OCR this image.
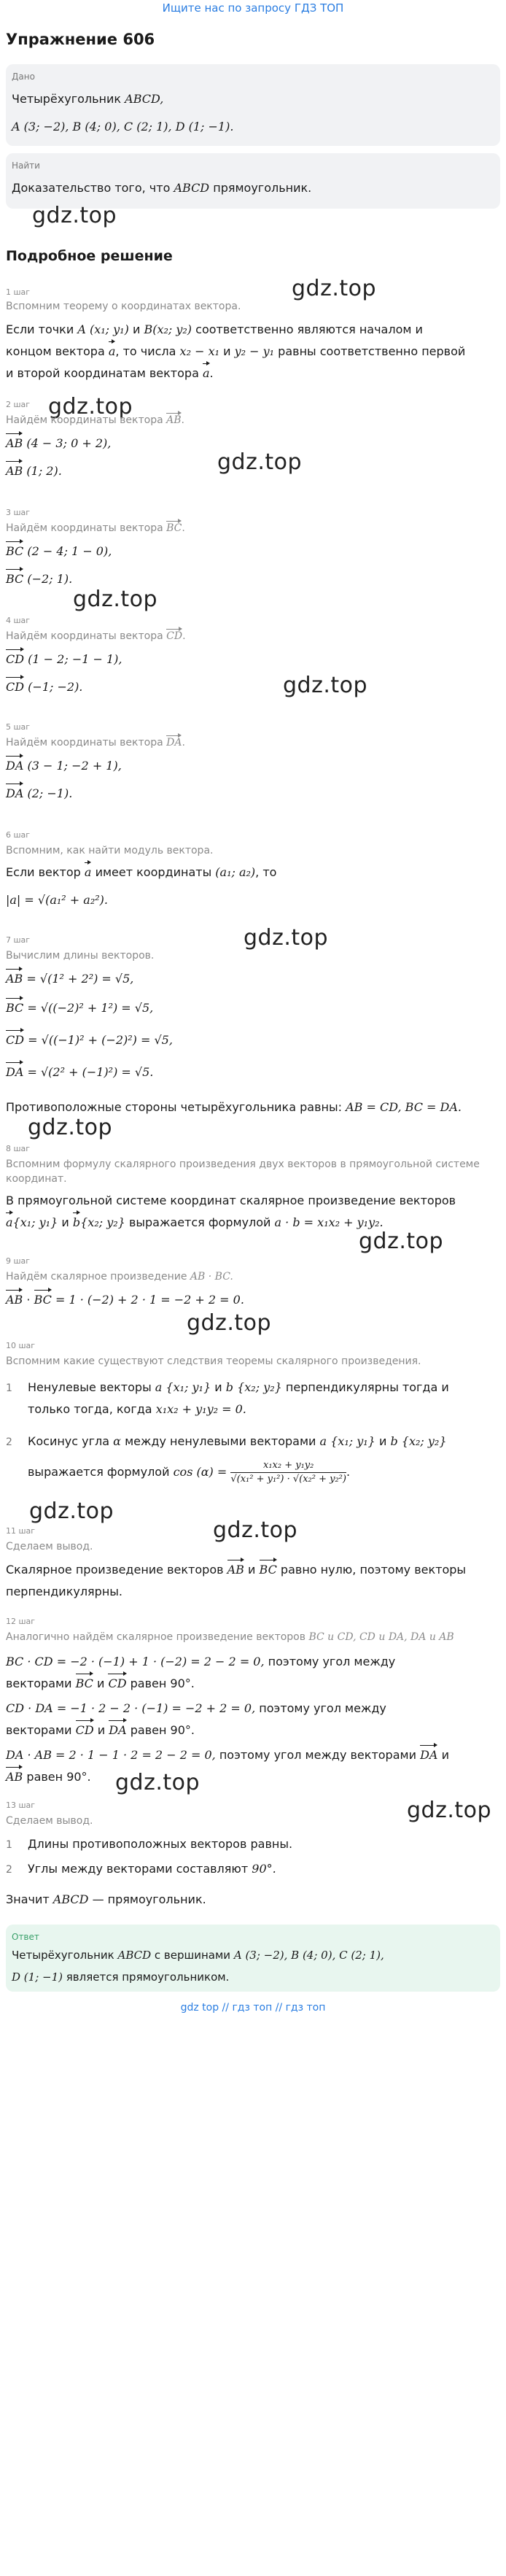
Ищите нас по запросу ГДЗ ТОП
Упражнение 606
Дано
Четырёхугольник ABCD,
A (3; −2), B (4; 0), C (2; 1), D (1; −1).
Найти
Доказательство того, что ABCD прямоугольник.
gdz.top
Подробное решение
1 шаг
Вспомним теорему о координатах вектора.
gdz.top
Если точки A (x₁; y₁) и B(x₂; y₂) соответственно являются началом и
концом вектора a, то числа x₂ − x₁ и y₂ − y₁ равны соответственно первой
и второй координатам вектора a.
2 шаг gdz.top
Найдём координаты вектора AB.
AB (4 − 3; 0 + 2),
AB (1; 2).	gdz.top
3 шаг
Найдём координаты вектора BC.
BC (2 − 4; 1 − 0),
BC (−2; 1).
gdz.top
4 шаг
Найдём координаты вектора CD.
CD (1 − 2; −1 − 1),
CD (−1; −2).	gdz.top
5 шаг
Найдём координаты вектора DA.
DA (3 − 1; −2 + 1),
DA (2; −1).
6 шаг
Вспомним, как найти модуль вектора.
Если вектор a имеет координаты (a₁; a₂), то
|a| = √(a₁² + a₂²).
7 шаг	gdz.top
Вычислим длины векторов.
AB = √(1² + 2²) = √5,
BC = √((−2)² + 1²) = √5,
CD = √((−1)² + (−2)²) = √5,
DA = √(2² + (−1)²) = √5.
Противоположные стороны четырёхугольника равны: AB = CD, BC = DA.
gdz.top
8 шаг
Вспомним формулу скалярного произведения двух векторов в прямоугольной системе
координат.
В прямоугольной системе координат скалярное произведение векторов
a{x₁; y₁} и b{x₂; y₂} выражается формулой a · b = x₁x₂ + y₁y₂.
gdz.top
9 шаг
Найдём скалярное произведение AB · BC.
AB · BC = 1 · (−2) + 2 · 1 = −2 + 2 = 0.
gdz.top
10 шаг
Вспомним какие существуют следствия теоремы скалярного произведения.
1 Ненулевые векторы a {x₁; y₁} и b {x₂; y₂} перпендикулярны тогда и
только тогда, когда x₁x₂ + y₁y₂ = 0.
2 Косинус угла α между ненулевыми векторами a {x₁; y₁} и b {x₂; y₂}
выражается формулой $\cos (\alpha) = \frac{\text{x₁x₂ + y₁y₂}}{\text{√(x₁² + y₁²) · √(x₂² + y₂²)}}$ .
gdz.top
11 шаг	gdz.top
Сделаем вывод.
Скалярное произведение векторов AB и BC равно нулю, поэтому векторы
перпендикулярны.
12 шаг
Аналогично найдём скалярное произведение векторов BC и CD, CD и DA, DA и AB
BC · CD = −2 · (−1) + 1 · (−2) = 2 − 2 = 0, поэтому угол между
векторами BC и CD равен 90°.
CD · DA = −1 · 2 − 2 · (−1) = −2 + 2 = 0, поэтому угол между
векторами CD и DA равен 90°.
DA · AB = 2 · 1 − 1 · 2 = 2 − 2 = 0, поэтому угол между векторами DA и
AB равен 90°. gdz.top
gdz.top
13 шаг
Сделаем вывод.
1 Длины противоположных векторов равны.
2 Углы между векторами составляют 90°.
Значит ABCD — прямоугольник.
Ответ
Четырёхугольник ABCD с вершинами A (3; −2), B (4; 0), C (2; 1),
D (1; −1) является прямоугольником.
gdz top // гдз топ // гдз топ
